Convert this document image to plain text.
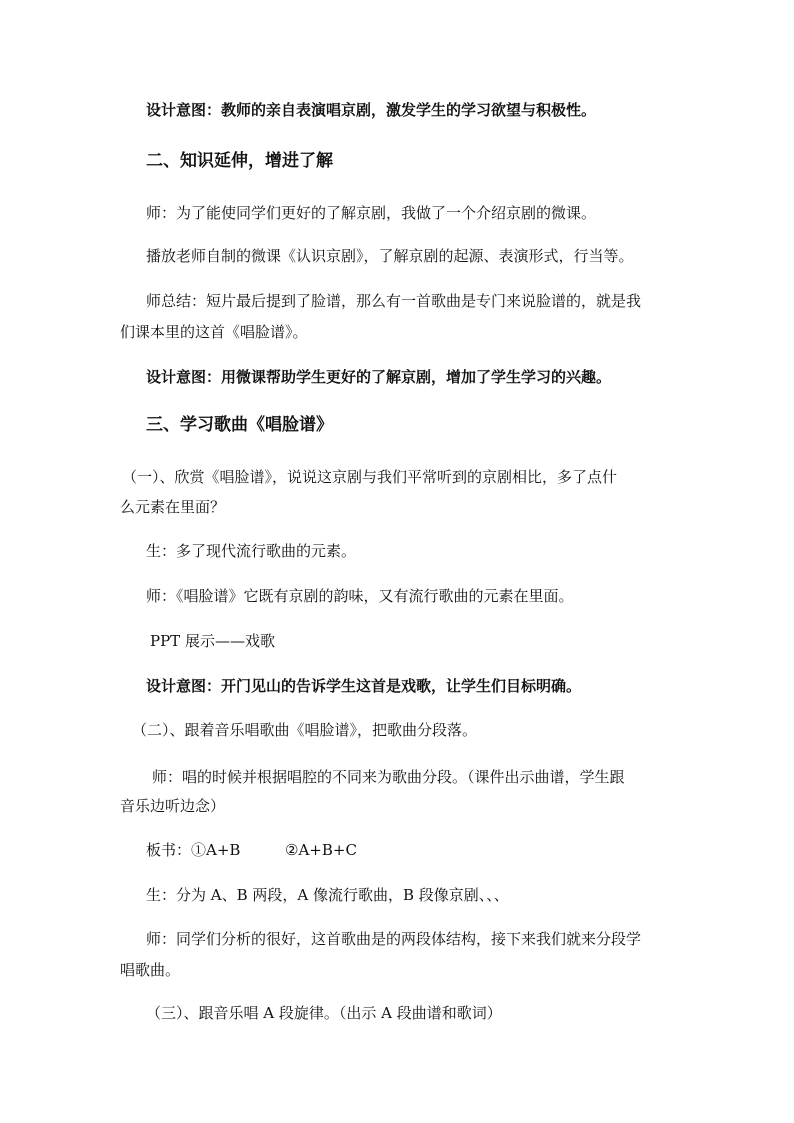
设计意图：教师的亲自表演唱京剧，激发学生的学习欲望与积极性。
二、知识延伸，增进了解
师：为了能使同学们更好的了解京剧，我做了一个介绍京剧的微课。
播放老师自制的微课《认识京剧》，了解京剧的起源、表演形式，行当等。
师总结：短片最后提到了脸谱，那么有一首歌曲是专门来说脸谱的，就是我
们课本里的这首《唱脸谱》。
设计意图：用微课帮助学生更好的了解京剧，增加了学生学习的兴趣。
三、学习歌曲《唱脸谱》
（一）、欣赏《唱脸谱》，说说这京剧与我们平常听到的京剧相比，多了点什
么元素在里面？
生：多了现代流行歌曲的元素。
师：《唱脸谱》它既有京剧的韵味，又有流行歌曲的元素在里面。
PPT 展示——戏歌
设计意图：开门见山的告诉学生这首是戏歌，让学生们目标明确。
（二）、跟着音乐唱歌曲《唱脸谱》，把歌曲分段落。
师：唱的时候并根据唱腔的不同来为歌曲分段。（课件出示曲谱，学生跟
音乐边听边念）
板书：①A+B	②A+B+C
生：分为 A、B 两段，A 像流行歌曲，B 段像京剧、、、
师：同学们分析的很好，这首歌曲是的两段体结构，接下来我们就来分段学
唱歌曲。
（三）、跟音乐唱 A 段旋律。（出示 A 段曲谱和歌词）
